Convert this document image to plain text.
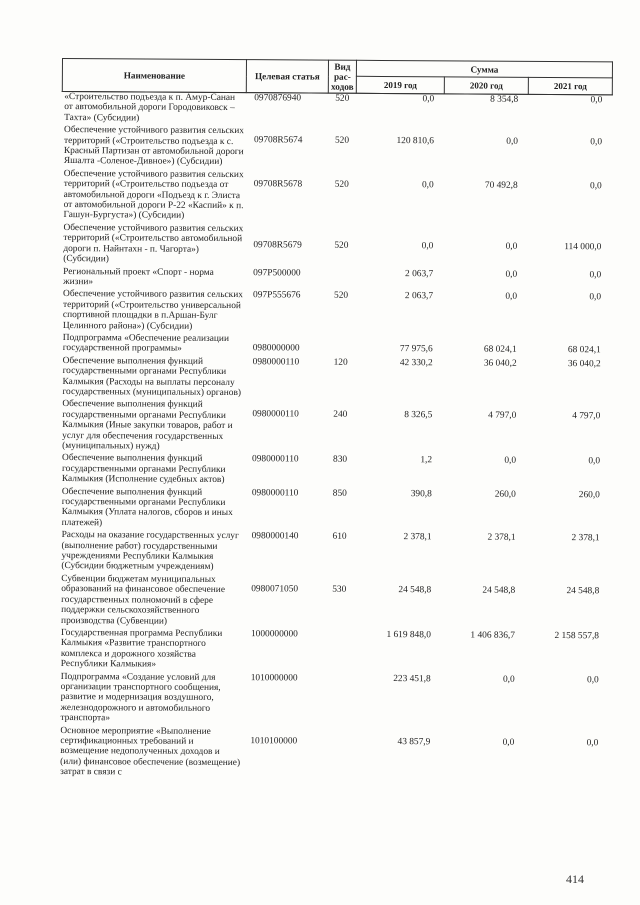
Наименование	Целевая статья	Вид рас-ходов	Сумма		
			2019 год	2020 год	2021 год
«Строительство подъезда к п. Амур-Санан от автомобильной дороги Городовиковск – Тахта» (Субсидии)	0970876940	520	0,0	8 354,8	0,0
Обеспечение устойчивого развития сельских территорий («Строительство подъезда к с. Красный Партизан от автомобильной дороги Яшалта -Соленое-Дивное») (Субсидии)	09708R5674	520	120 810,6	0,0	0,0
Обеспечение устойчивого развития сельских территорий («Строительство подъезда от автомобильной дороги «Подъезд к г. Элиста от автомобильной дороги Р-22 «Каспий» к п. Гашун-Бургуста») (Субсидии)	09708R5678	520	0,0	70 492,8	0,0
Обеспечение устойчивого развития сельских территорий («Строительство автомобильной дороги п. Найнтахн - п. Чагорта») (Субсидии)	09708R5679	520	0,0	0,0	114 000,0
Региональный проект «Спорт - норма жизни»	097P500000		2 063,7	0,0	0,0
Обеспечение устойчивого развития сельских территорий («Строительство универсальной спортивной площадки в п.Аршан-Булг Целинного района») (Субсидии)	097P555676	520	2 063,7	0,0	0,0
Подпрограмма «Обеспечение реализации государственной программы»	0980000000		77 975,6	68 024,1	68 024,1
Обеспечение выполнения функций государственными органами Республики Калмыкия (Расходы на выплаты персоналу государственных (муниципальных) органов)	0980000110	120	42 330,2	36 040,2	36 040,2
Обеспечение выполнения функций государственными органами Республики Калмыкия (Иные закупки товаров, работ и услуг для обеспечения государственных (муниципальных) нужд)	0980000110	240	8 326,5	4 797,0	4 797,0
Обеспечение выполнения функций государственными органами Республики Калмыкия (Исполнение судебных актов)	0980000110	830	1,2	0,0	0,0
Обеспечение выполнения функций государственными органами Республики Калмыкия (Уплата налогов, сборов и иных платежей)	0980000110	850	390,8	260,0	260,0
Расходы на оказание государственных услуг (выполнение работ) государственными учреждениями Республики Калмыкия (Субсидии бюджетным учреждениям)	0980000140	610	2 378,1	2 378,1	2 378,1
Субвенции бюджетам муниципальных образований на финансовое обеспечение государственных полномочий в сфере поддержки сельскохозяйственного производства (Субвенции)	0980071050	530	24 548,8	24 548,8	24 548,8
Государственная программа Республики Калмыкия «Развитие транспортного комплекса и дорожного хозяйства Республики Калмыкия»	1000000000		1 619 848,0	1 406 836,7	2 158 557,8
Подпрограмма «Создание условий для организации транспортного сообщения, развитие и модернизация воздушного, железнодорожного и автомобильного транспорта»	1010000000		223 451,8	0,0	0,0
Основное мероприятие «Выполнение сертификационных требований и возмещение недополученных доходов и (или) финансовое обеспечение (возмещение) затрат в связи с	1010100000		43 857,9	0,0	0,0
414
